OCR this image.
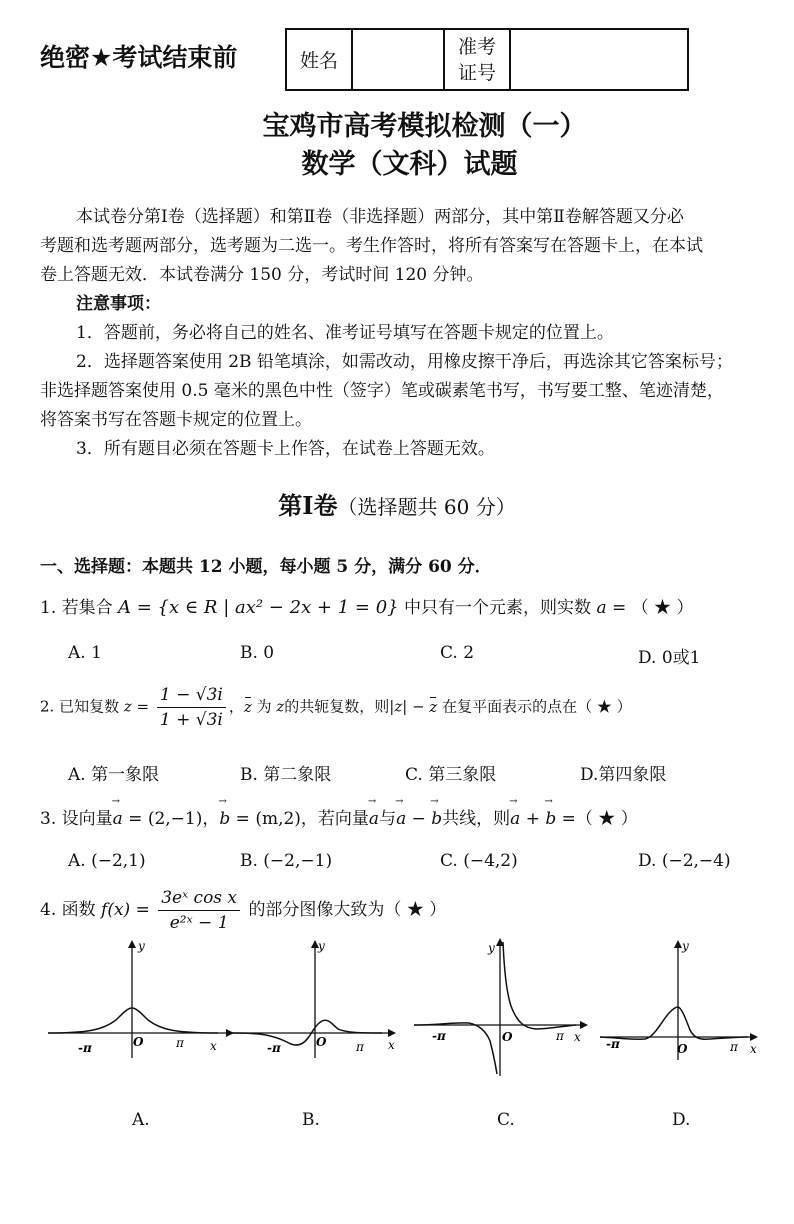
绝密★考试结束前	姓名		
准考
证号

宝鸡市高考模拟检测（一）
数学（文科）试题
本试卷分第Ⅰ卷（选择题）和第Ⅱ卷（非选择题）两部分，其中第Ⅱ卷解答题又分必
考题和选考题两部分，选考题为二选一。考生作答时，将所有答案写在答题卡上，在本试
卷上答题无效．本试卷满分 150 分，考试时间 120 分钟。
注意事项：
1．答题前，务必将自己的姓名、准考证号填写在答题卡规定的位置上。
2．选择题答案使用 2B 铅笔填涂，如需改动，用橡皮擦干净后，再选涂其它答案标号；
非选择题答案使用 0.5 毫米的黑色中性（签字）笔或碳素笔书写，书写要工整、笔迹清楚，
将答案书写在答题卡规定的位置上。
3．所有题目必须在答题卡上作答，在试卷上答题无效。
第Ⅰ卷（选择题共 60 分）
一、选择题：本题共 12 小题，每小题 5 分，满分 60 分．
1. 若集合 A = {x ∈ R | ax² − 2x + 1 = 0} 中只有一个元素，则实数 a = （ ★ ）
A. 1	B. 0	C. 2	D. 0或1
2. 已知复数 $z = \frac{1 - √3i}{1 + √3i}$ ，z 为 z的共轭复数，则|z| − z 在复平面表示的点在（ ★ ）
A. 第一象限	B. 第二象限	C. 第三象限	D.第四象限
3. 设向量→ a = (2,−1)，→ b = (m,2)，若向量→ a与→ a − → b共线，则→ a + → b =（ ★ ）
A. (−2,1)	B. (−2,−1)	C. (−4,2)	D. (−2,−4)
4. 函数 $f(x) = \frac{\text{3eˣ cos x}}{\text{e²ˣ − 1}}$ 的部分图像大致为（ ★ ）
y
-π	O	π x
A.
y
-π	O π x
B.
y
-π	O	π x
C.
y
-π	O	π x
D.
